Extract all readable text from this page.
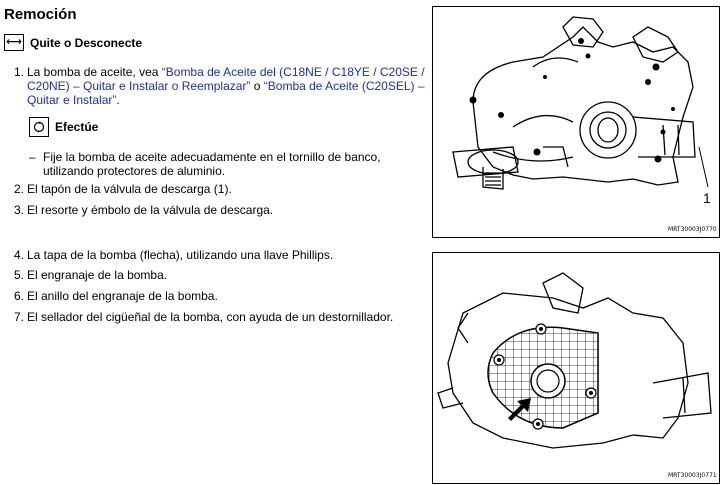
Remoción
⟷ Quite o Desconecte
1. La bomba de aceite, vea “Bomba de Aceite del (C18NE / C18YE / C20SE / C20NE) – Quitar e Instalar o Reemplazar” o “Bomba de Aceite (C20SEL) – Quitar e Instalar”.
Efectúe
– Fije la bomba de aceite adecuadamente en el tornillo de banco, utilizando protectores de aluminio.
2. El tapón de la válvula de descarga (1).
3. El resorte y émbolo de la válvula de descarga.
4. La tapa de la bomba (flecha), utilizando una llave Phillips.
5. El engranaje de la bomba.
6. El anillo del engranaje de la bomba.
7. El sellador del cigüeñal de la bomba, con ayuda de un destornillador.
1
MRT30003J0770
MRT30003J0771
